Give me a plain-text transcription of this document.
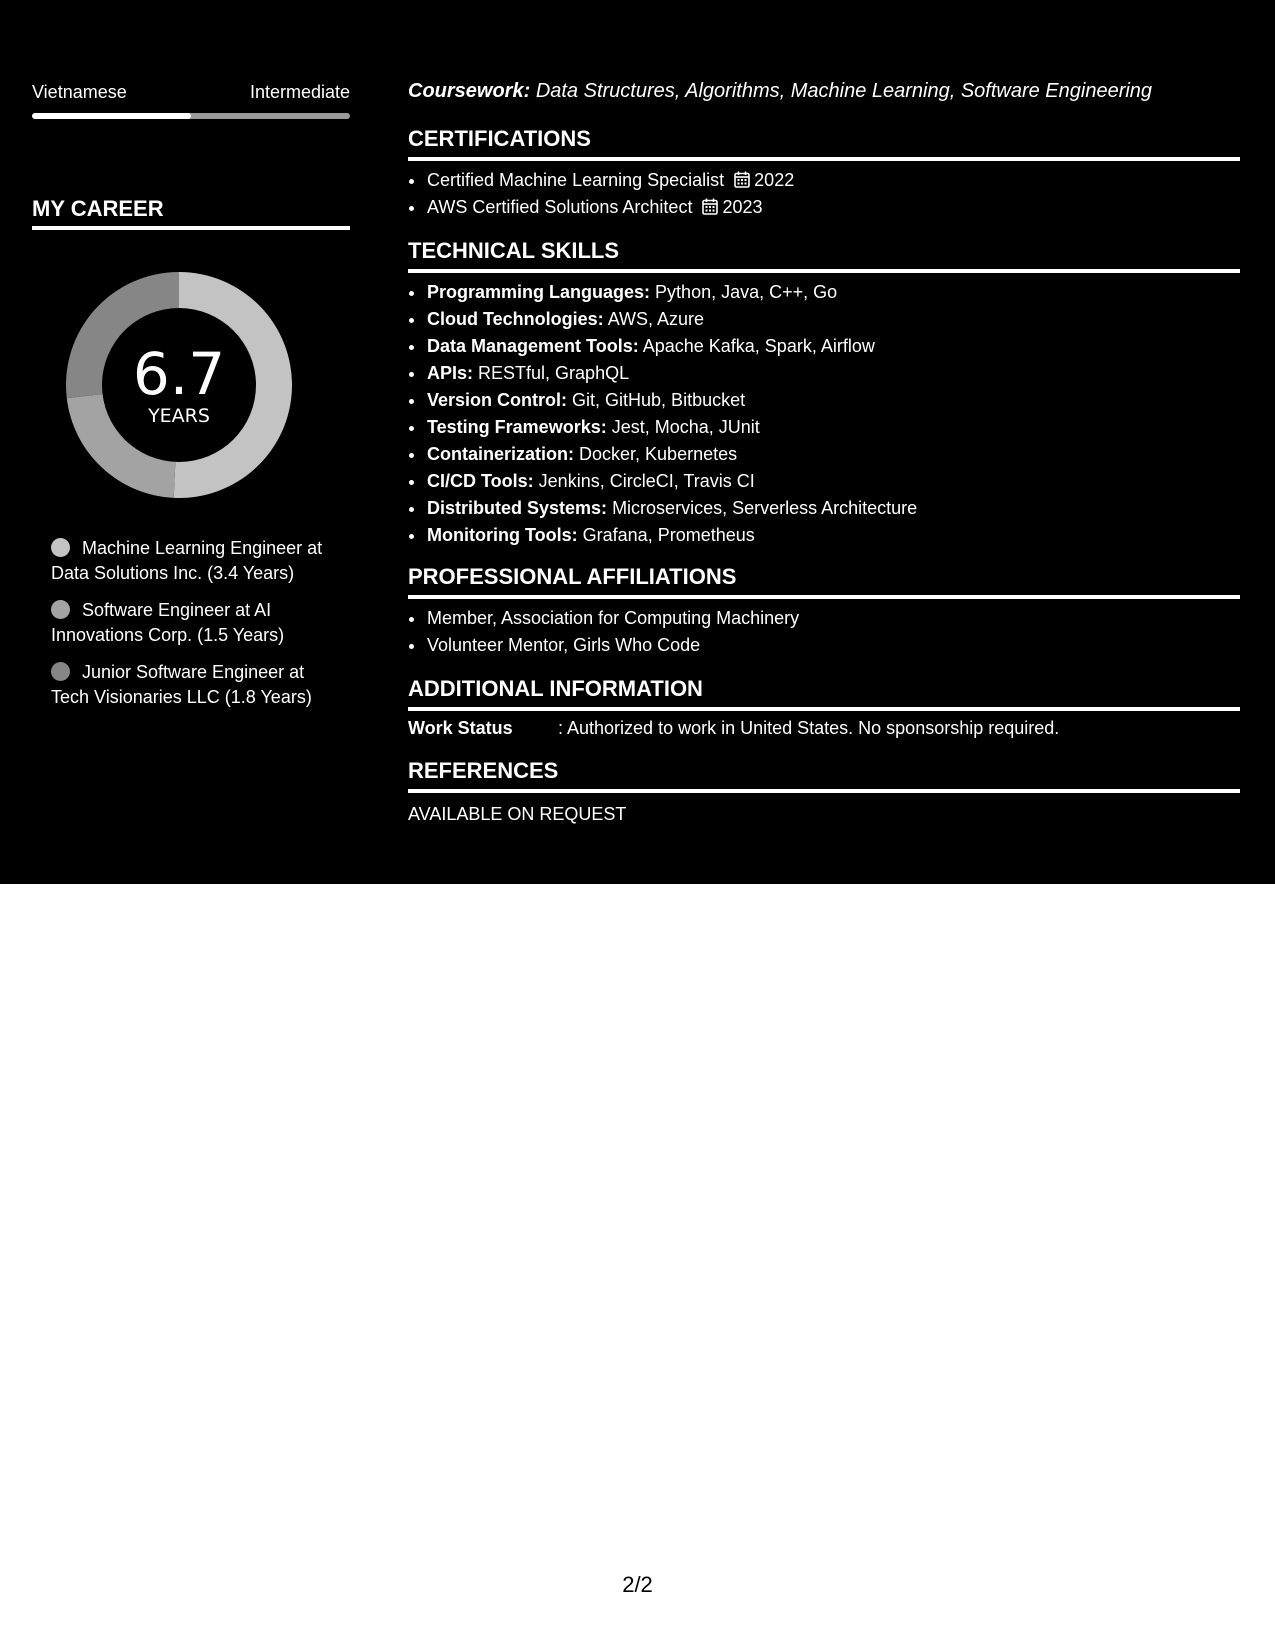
Vietnamese	Intermediate
MY CAREER
6.7
YEARS
Machine Learning Engineer at Data Solutions Inc. (3.4 Years)
Software Engineer at AI Innovations Corp. (1.5 Years)
Junior Software Engineer at Tech Visionaries LLC (1.8 Years)
Coursework: Data Structures, Algorithms, Machine Learning, Software Engineering
CERTIFICATIONS
• Certified Machine Learning Specialist 2022
• AWS Certified Solutions Architect 2023
TECHNICAL SKILLS
• Programming Languages: Python, Java, C++, Go
• Cloud Technologies: AWS, Azure
• Data Management Tools: Apache Kafka, Spark, Airflow
• APIs: RESTful, GraphQL
• Version Control: Git, GitHub, Bitbucket
• Testing Frameworks: Jest, Mocha, JUnit
• Containerization: Docker, Kubernetes
• CI/CD Tools: Jenkins, CircleCI, Travis CI
• Distributed Systems: Microservices, Serverless Architecture
• Monitoring Tools: Grafana, Prometheus
PROFESSIONAL AFFILIATIONS
• Member, Association for Computing Machinery
• Volunteer Mentor, Girls Who Code
ADDITIONAL INFORMATION
Work Status	: Authorized to work in United States. No sponsorship required.
REFERENCES
AVAILABLE ON REQUEST
2/2
